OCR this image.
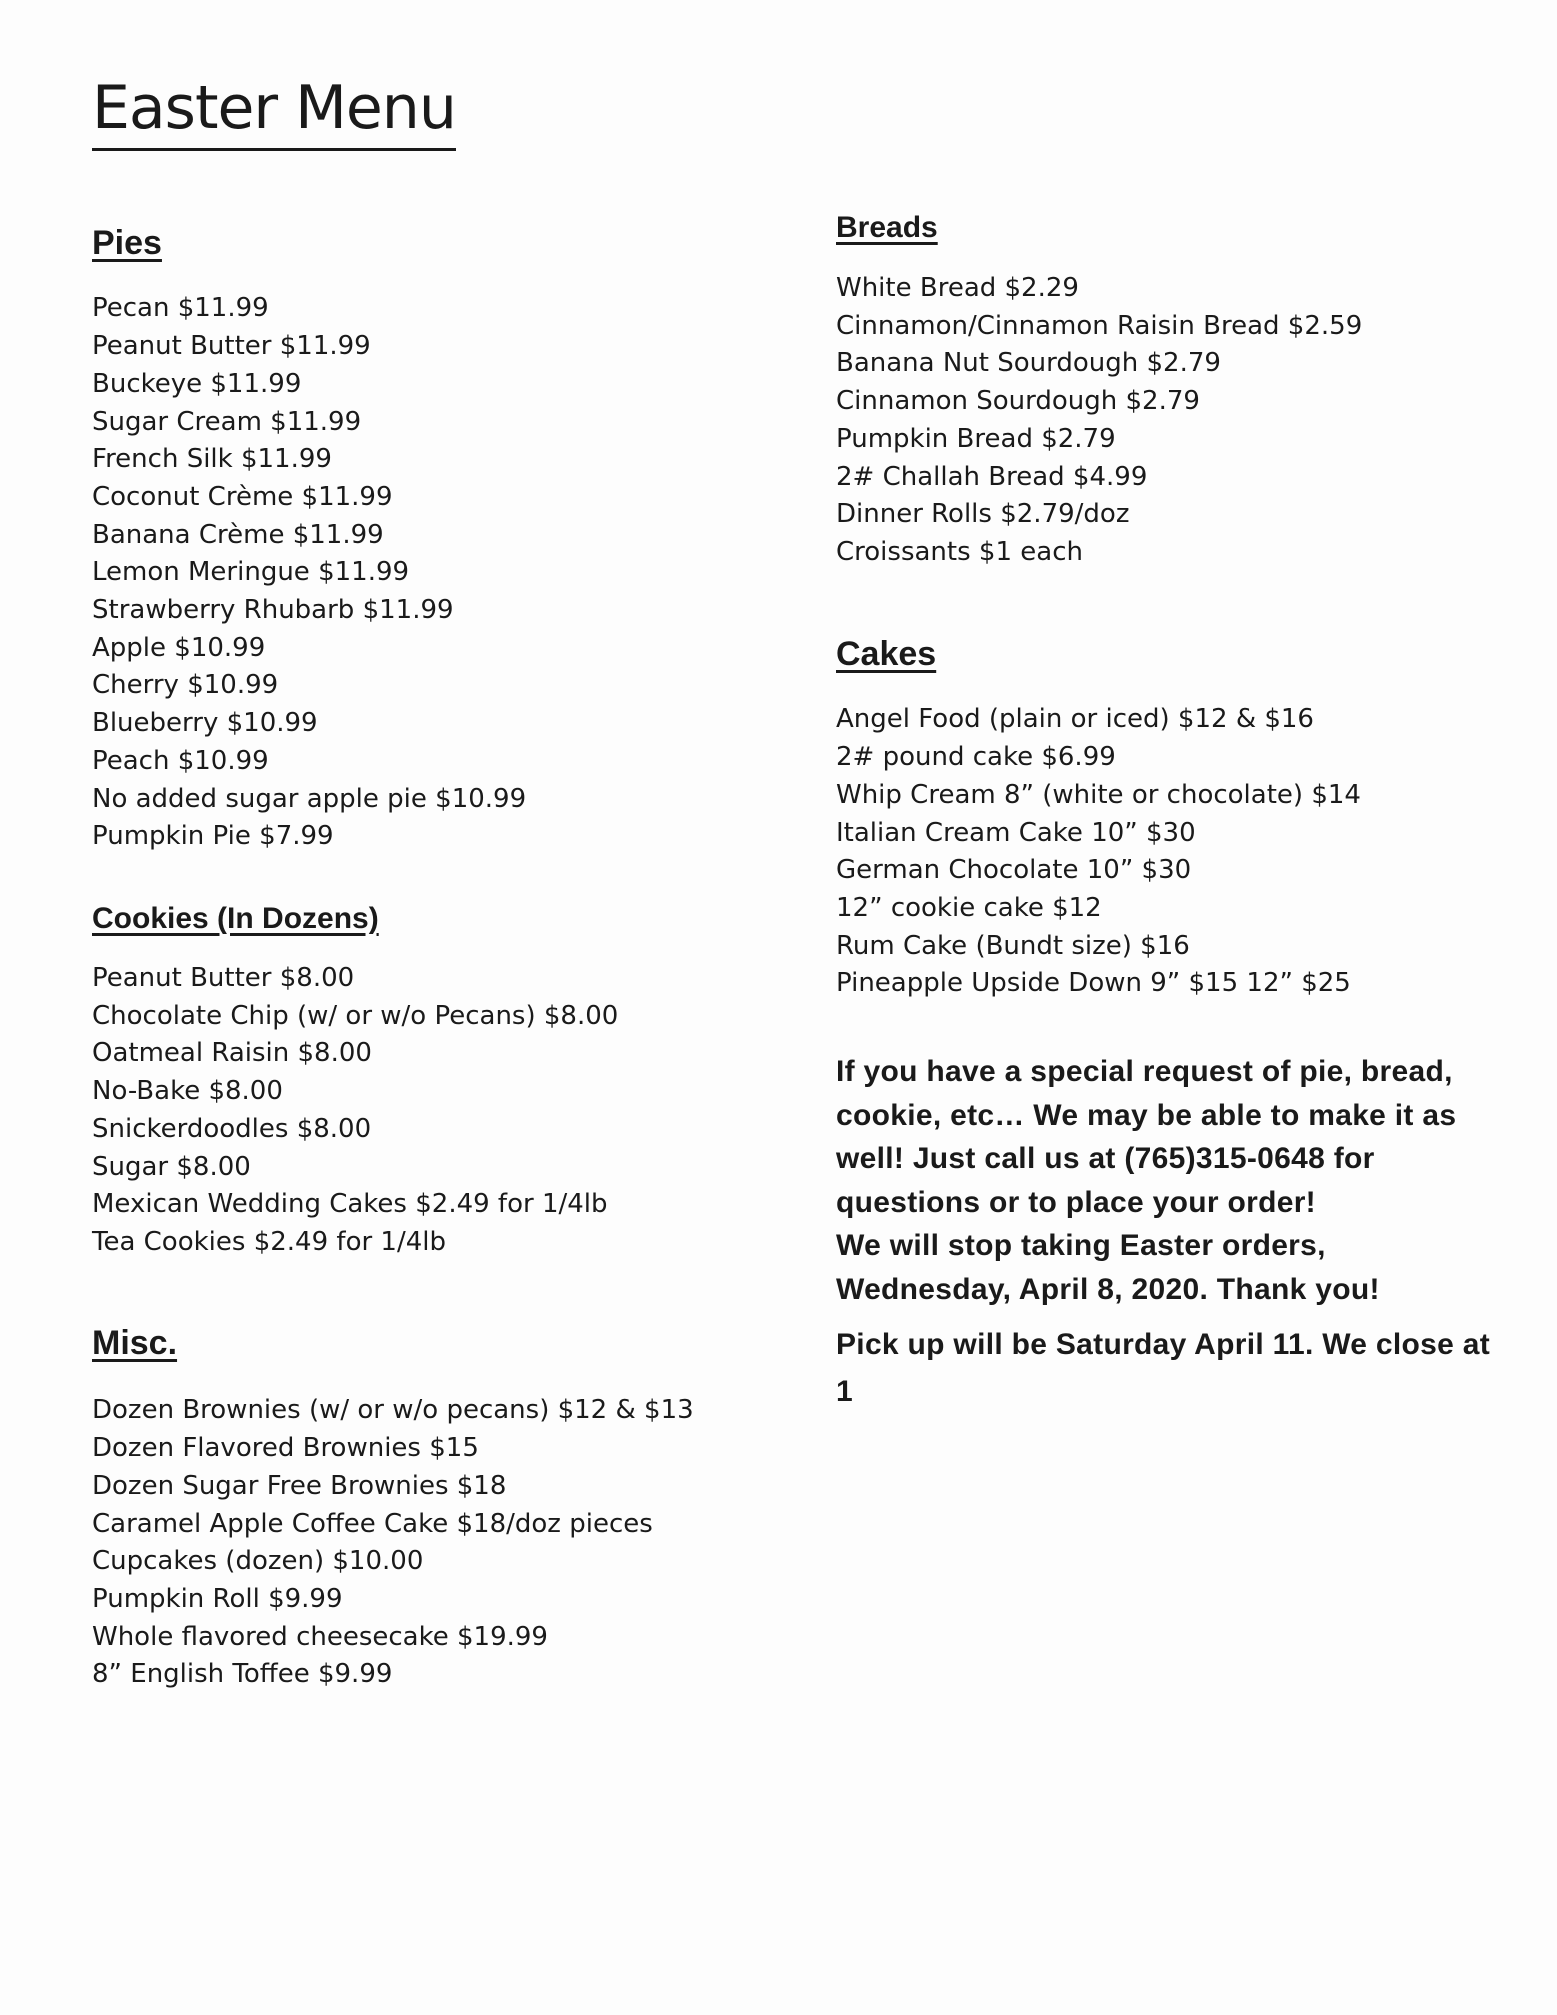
Easter Menu
Pies
Pecan $11.99
Peanut Butter $11.99
Buckeye $11.99
Sugar Cream $11.99
French Silk $11.99
Coconut Crème $11.99
Banana Crème $11.99
Lemon Meringue $11.99
Strawberry Rhubarb $11.99
Apple $10.99
Cherry $10.99
Blueberry $10.99
Peach $10.99
No added sugar apple pie $10.99
Pumpkin Pie $7.99
Cookies (In Dozens)
Peanut Butter $8.00
Chocolate Chip (w/ or w/o Pecans) $8.00
Oatmeal Raisin $8.00
No-Bake $8.00
Snickerdoodles $8.00
Sugar $8.00
Mexican Wedding Cakes $2.49 for 1/4lb
Tea Cookies $2.49 for 1/4lb
Misc.
Dozen Brownies (w/ or w/o pecans) $12 & $13
Dozen Flavored Brownies $15
Dozen Sugar Free Brownies $18
Caramel Apple Coffee Cake $18/doz pieces
Cupcakes (dozen) $10.00
Pumpkin Roll $9.99
Whole flavored cheesecake $19.99
8” English Toffee $9.99
Breads
White Bread $2.29
Cinnamon/Cinnamon Raisin Bread $2.59
Banana Nut Sourdough $2.79
Cinnamon Sourdough $2.79
Pumpkin Bread $2.79
2# Challah Bread $4.99
Dinner Rolls $2.79/doz
Croissants $1 each
Cakes
Angel Food (plain or iced) $12 & $16
2# pound cake $6.99
Whip Cream 8” (white or chocolate) $14
Italian Cream Cake 10” $30
German Chocolate 10” $30
12” cookie cake $12
Rum Cake (Bundt size) $16
Pineapple Upside Down 9” $15 12” $25

If you have a special request of pie, bread, cookie, etc… We may be able to make it as well! Just call us at (765)315-0648 for questions or to place your order!

We will stop taking Easter orders, Wednesday, April 8, 2020. Thank you!

Pick up will be Saturday April 11. We close at 1
